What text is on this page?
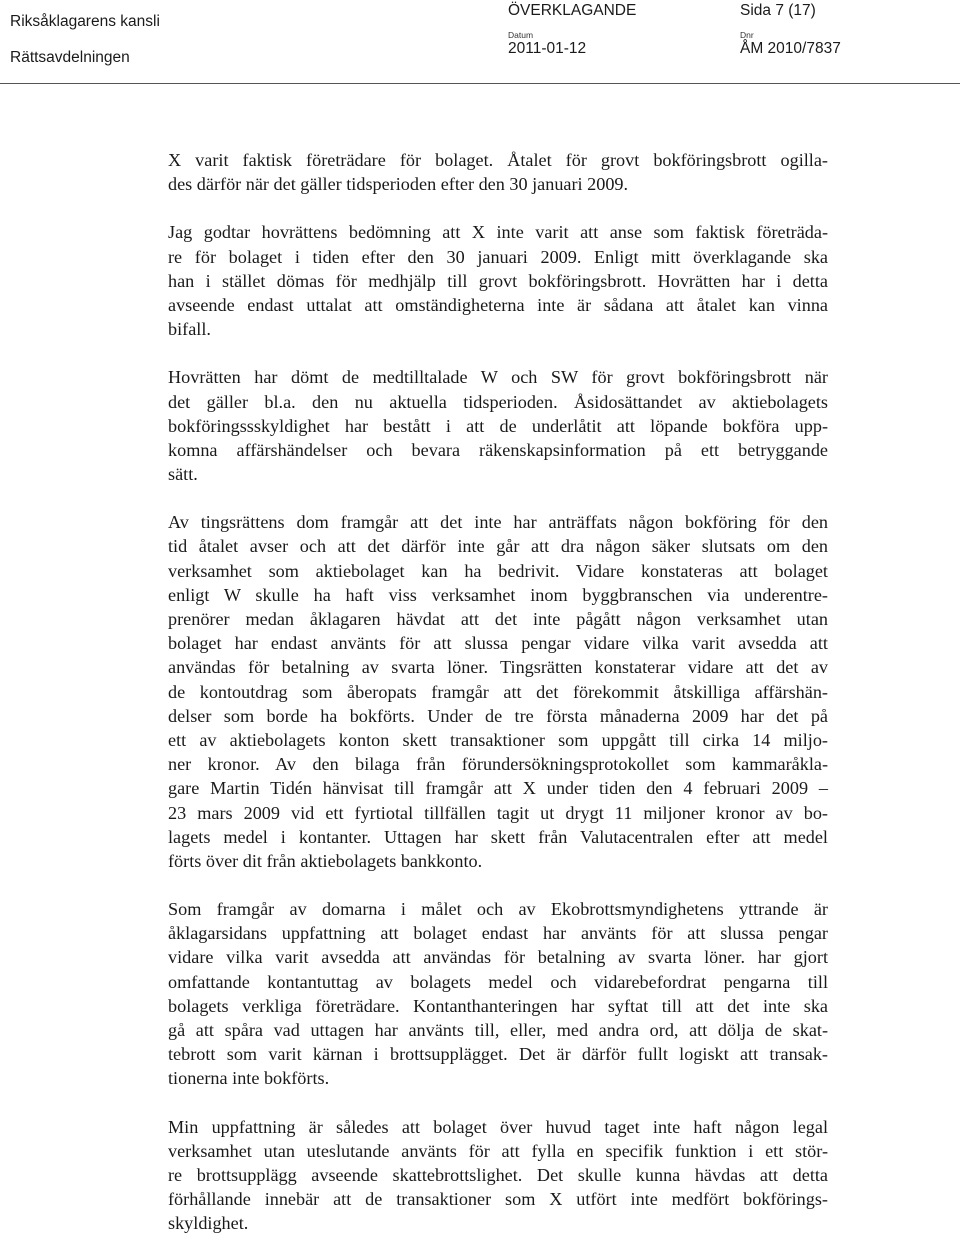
Riksåklagarens kansli
Rättsavdelningen
ÖVERKLAGANDE	Sida 7 (17)
Datum
2011-01-12
Dnr
ÅM 2010/7837

X varit faktisk företrädare för bolaget. Åtalet för grovt bokföringsbrott ogilla-
des därför när det gäller tidsperioden efter den 30 januari 2009.

Jag godtar hovrättens bedömning att X inte varit att anse som faktisk företräda-
re för bolaget i tiden efter den 30 januari 2009. Enligt mitt överklagande ska
han i stället dömas för medhjälp till grovt bokföringsbrott. Hovrätten har i detta
avseende endast uttalat att omständigheterna inte är sådana att åtalet kan vinna
bifall.

Hovrätten har dömt de medtilltalade W och SW för grovt bokföringsbrott när
det gäller bl.a. den nu aktuella tidsperioden. Åsidosättandet av aktiebolagets
bokföringssskyldighet har bestått i att de underlåtit att löpande bokföra upp-
komna affärshändelser och bevara räkenskapsinformation på ett betryggande
sätt.

Av tingsrättens dom framgår att det inte har anträffats någon bokföring för den
tid åtalet avser och att det därför inte går att dra någon säker slutsats om den
verksamhet som aktiebolaget kan ha bedrivit. Vidare konstateras att bolaget
enligt W skulle ha haft viss verksamhet inom byggbranschen via underentre-
prenörer medan åklagaren hävdat att det inte pågått någon verksamhet utan
bolaget har endast använts för att slussa pengar vidare vilka varit avsedda att
användas för betalning av svarta löner. Tingsrätten konstaterar vidare att det av
de kontoutdrag som åberopats framgår att det förekommit åtskilliga affärshän-
delser som borde ha bokförts. Under de tre första månaderna 2009 har det på
ett av aktiebolagets konton skett transaktioner som uppgått till cirka 14 miljo-
ner kronor. Av den bilaga från förundersökningsprotokollet som kammaråkla-
gare Martin Tidén hänvisat till framgår att X under tiden den 4 februari 2009 –
23 mars 2009 vid ett fyrtiotal tillfällen tagit ut drygt 11 miljoner kronor av bo-
lagets medel i kontanter. Uttagen har skett från Valutacentralen efter att medel
förts över dit från aktiebolagets bankkonto.

Som framgår av domarna i målet och av Ekobrottsmyndighetens yttrande är
åklagarsidans uppfattning att bolaget endast har använts för att slussa pengar
vidare vilka varit avsedda att användas för betalning av svarta löner. har gjort
omfattande kontantuttag av bolagets medel och vidarebefordrat pengarna till
bolagets verkliga företrädare. Kontanthanteringen har syftat till att det inte ska
gå att spåra vad uttagen har använts till, eller, med andra ord, att dölja de skat-
tebrott som varit kärnan i brottsupplägget. Det är därför fullt logiskt att transak-
tionerna inte bokförts.

Min uppfattning är således att bolaget över huvud taget inte haft någon legal
verksamhet utan uteslutande använts för att fylla en specifik funktion i ett stör-
re brottsupplägg avseende skattebrottslighet. Det skulle kunna hävdas att detta
förhållande innebär att de transaktioner som X utfört inte medfört bokförings-
skyldighet.
